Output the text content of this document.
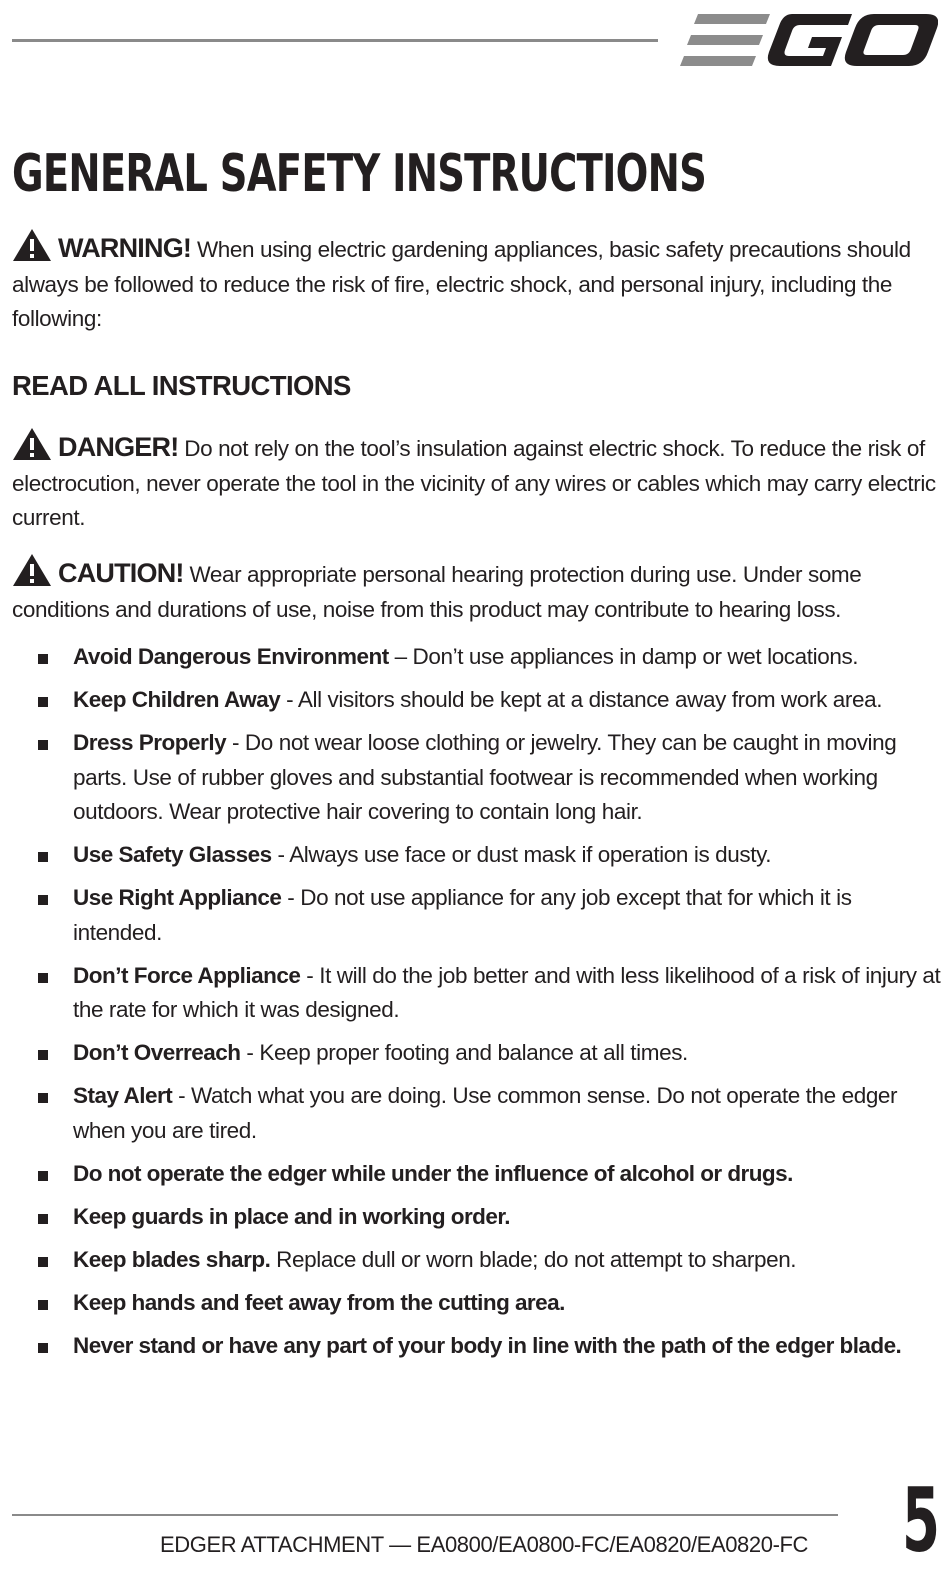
GENERAL SAFETY INSTRUCTIONS

WARNING! When using electric gardening appliances, basic safety precautions should always be followed to reduce the risk of fire, electric shock, and personal injury, including the following:

READ ALL INSTRUCTIONS

DANGER! Do not rely on the tool’s insulation against electric shock. To reduce the risk of electrocution, never operate the tool in the vicinity of any wires or cables which may carry electric current.

CAUTION! Wear appropriate personal hearing protection during use. Under some conditions and durations of use, noise from this product may contribute to hearing loss.

Avoid Dangerous Environment – Don’t use appliances in damp or wet locations.
Keep Children Away - All visitors should be kept at a distance away from work area.
Dress Properly - Do not wear loose clothing or jewelry. They can be caught in moving parts. Use of rubber gloves and substantial footwear is recommended when working outdoors. Wear protective hair covering to contain long hair.
Use Safety Glasses - Always use face or dust mask if operation is dusty.
Use Right Appliance - Do not use appliance for any job except that for which it is intended.
Don’t Force Appliance - It will do the job better and with less likelihood of a risk of injury at the rate for which it was designed.
Don’t Overreach - Keep proper footing and balance at all times.
Stay Alert - Watch what you are doing. Use common sense. Do not operate the edger when you are tired.
Do not operate the edger while under the influence of alcohol or drugs.
Keep guards in place and in working order.
Keep blades sharp. Replace dull or worn blade; do not attempt to sharpen.
Keep hands and feet away from the cutting area.
Never stand or have any part of your body in line with the path of the edger blade.
EDGER ATTACHMENT — EA0800/EA0800-FC/EA0820/EA0820-FC	5
